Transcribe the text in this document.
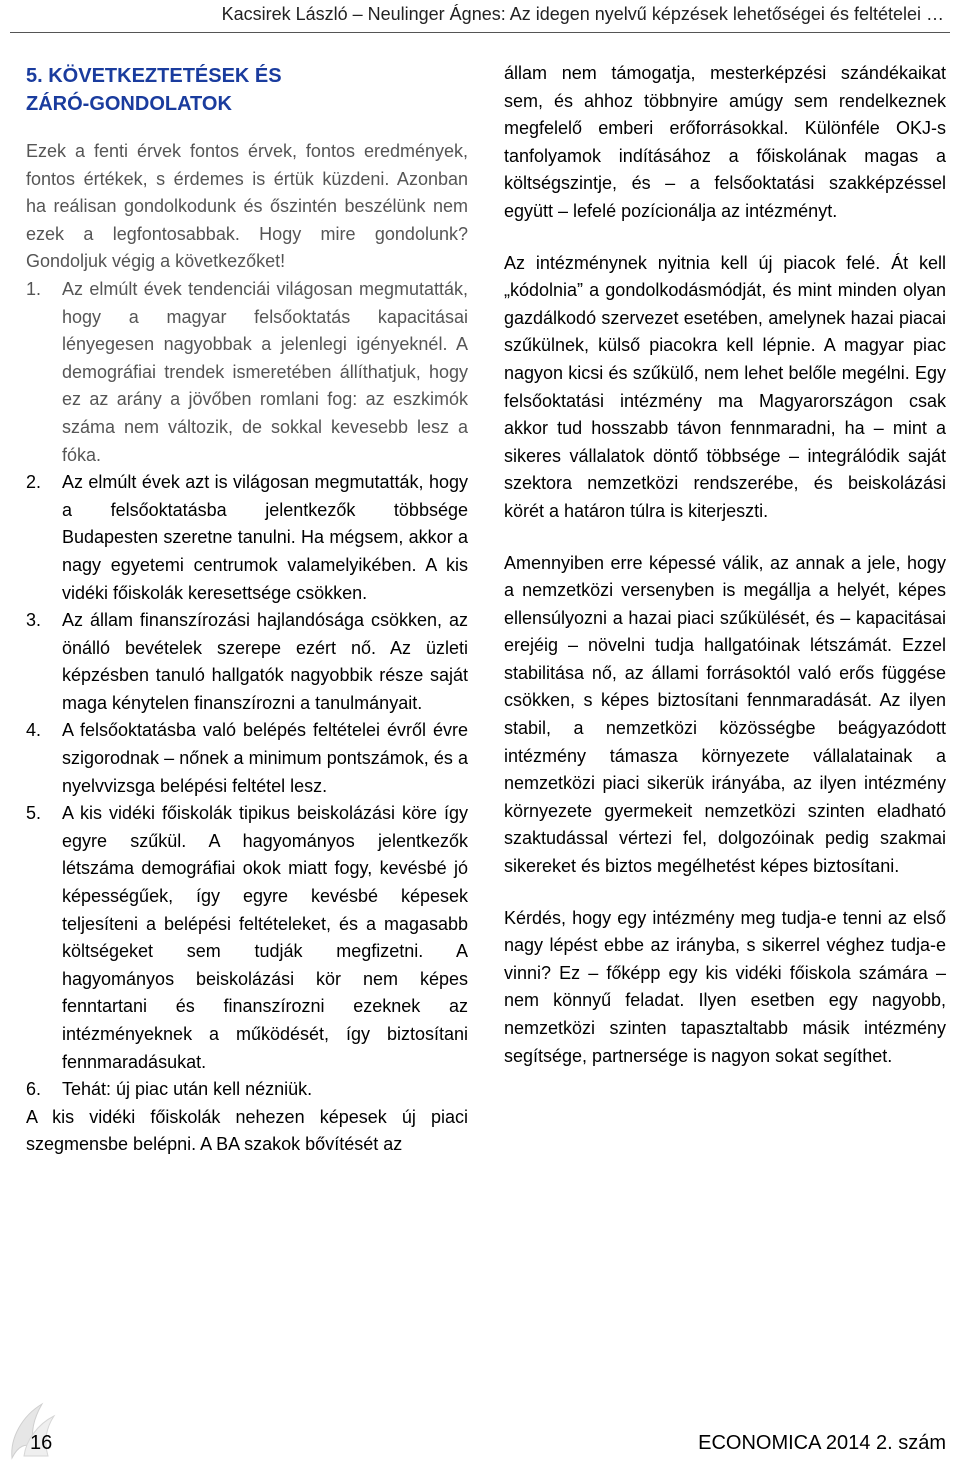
Kacsirek László – Neulinger Ágnes: Az idegen nyelvű képzések lehetőségei és feltételei …
5. KÖVETKEZTETÉSEK ÉS
ZÁRÓ-GONDOLATOK

Ezek a fenti érvek fontos érvek, fontos eredmények, fontos értékek, s érdemes is értük küzdeni. Azonban ha reálisan gondolkodunk és őszintén beszélünk nem ezek a legfontosabbak. Hogy mire gondolunk? Gondoljuk végig a következőket!

1. Az elmúlt évek tendenciái világosan megmutatták, hogy a magyar felsőoktatás kapacitásai lényegesen nagyobbak a jelenlegi igényeknél. A demográfiai trendek ismeretében állíthatjuk, hogy ez az arány a jövőben romlani fog: az eszkimók száma nem változik, de sokkal kevesebb lesz a fóka.
2. Az elmúlt évek azt is világosan megmutatták, hogy a felsőoktatásba jelentkezők többsége Budapesten szeretne tanulni. Ha mégsem, akkor a nagy egyetemi centrumok valamelyikében. A kis vidéki főiskolák keresettsége csökken.
3. Az állam finanszírozási hajlandósága csökken, az önálló bevételek szerepe ezért nő. Az üzleti képzésben tanuló hallgatók nagyobbik része saját maga kénytelen finanszírozni a tanulmányait.
4. A felsőoktatásba való belépés feltételei évről évre szigorodnak – nőnek a minimum pontszámok, és a nyelvvizsga belépési feltétel lesz.
5. A kis vidéki főiskolák tipikus beiskolázási köre így egyre szűkül. A hagyományos jelentkezők létszáma demográfiai okok miatt fogy, kevésbé jó képességűek, így egyre kevésbé képesek teljesíteni a belépési feltételeket, és a magasabb költségeket sem tudják megfizetni. A hagyományos beiskolázási kör nem képes fenntartani és finanszírozni ezeknek az intézményeknek a működését, így biztosítani fennmaradásukat.
6. Tehát: új piac után kell nézniük.

A kis vidéki főiskolák nehezen képesek új piaci szegmensbe belépni. A BA szakok bővítését az

állam nem támogatja, mesterképzési szándékaikat sem, és ahhoz többnyire amúgy sem rendelkeznek megfelelő emberi erőforrásokkal. Különféle OKJ-s tanfolyamok indításához a főiskolának magas a költségszintje, és – a felsőoktatási szakképzéssel együtt – lefelé pozícionálja az intézményt.

Az intézménynek nyitnia kell új piacok felé. Át kell „kódolnia” a gondolkodásmódját, és mint minden olyan gazdálkodó szervezet esetében, amelynek hazai piacai szűkülnek, külső piacokra kell lépnie. A magyar piac nagyon kicsi és szűkülő, nem lehet belőle megélni. Egy felsőoktatási intézmény ma Magyarországon csak akkor tud hosszabb távon fennmaradni, ha – mint a sikeres vállalatok döntő többsége – integrálódik saját szektora nemzetközi rendszerébe, és beiskolázási körét a határon túlra is kiterjeszti.

Amennyiben erre képessé válik, az annak a jele, hogy a nemzetközi versenyben is megállja a helyét, képes ellensúlyozni a hazai piaci szűkülését, és – kapacitásai erejéig – növelni tudja hallgatóinak létszámát. Ezzel stabilitása nő, az állami forrásoktól való erős függése csökken, s képes biztosítani fennmaradását. Az ilyen stabil, a nemzetközi közösségbe beágyazódott intézmény támasza környezete vállalatainak a nemzetközi piaci sikerük irányába, az ilyen intézmény környezete gyermekeit nemzetközi szinten eladható szaktudással vértezi fel, dolgozóinak pedig szakmai sikereket és biztos megélhetést képes biztosítani.

Kérdés, hogy egy intézmény meg tudja-e tenni az első nagy lépést ebbe az irányba, s sikerrel véghez tudja-e vinni? Ez – főképp egy kis vidéki főiskola számára – nem könnyű feladat. Ilyen esetben egy nagyobb, nemzetközi szinten tapasztaltabb másik intézmény segítsége, partnersége is nagyon sokat segíthet.

16	ECONOMICA 2014 2. szám
